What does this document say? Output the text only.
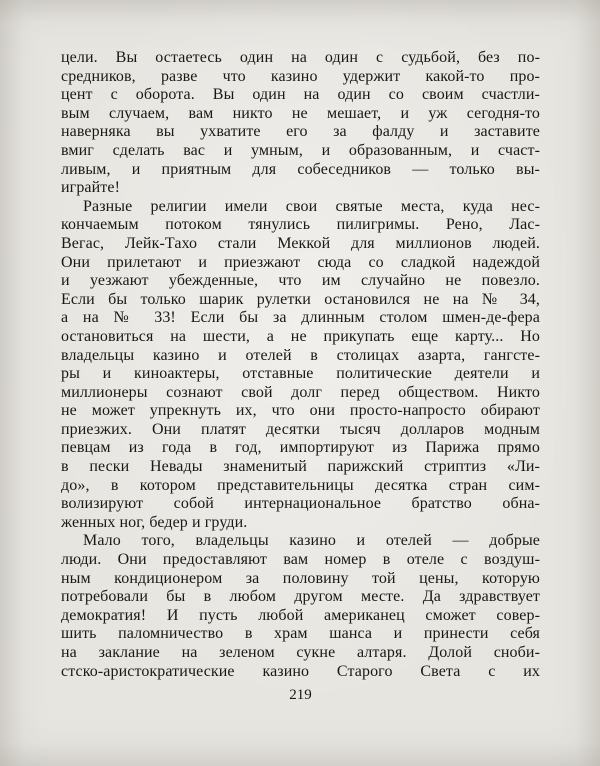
цели. Вы остаетесь один на один с судьбой, без по-
средников, разве что казино удержит какой-то про-
цент с оборота. Вы один на один со своим счастли-
вым случаем, вам никто не мешает, и уж сегодня-то
наверняка вы ухватите его за фалду и заставите
вмиг сделать вас и умным, и образованным, и счаст-
ливым, и приятным для собеседников — только вы-
играйте!
Разные религии имели свои святые места, куда нес-
кончаемым потоком тянулись пилигримы. Рено, Лас-
Вегас, Лейк-Тахо стали Меккой для миллионов людей.
Они прилетают и приезжают сюда со сладкой надеждой
и уезжают убежденные, что им случайно не повезло.
Если бы только шарик рулетки остановился не на № 34,
а на № 33! Если бы за длинным столом шмен-де-фера
остановиться на шести, а не прикупать еще карту... Но
владельцы казино и отелей в столицах азарта, гангсте-
ры и киноактеры, отставные политические деятели и
миллионеры сознают свой долг перед обществом. Никто
не может упрекнуть их, что они просто-напросто обирают
приезжих. Они платят десятки тысяч долларов модным
певцам из года в год, импортируют из Парижа прямо
в пески Невады знаменитый парижский стриптиз «Ли-
до», в котором представительницы десятка стран сим-
волизируют собой интернациональное братство обна-
женных ног, бедер и груди.
Мало того, владельцы казино и отелей — добрые
люди. Они предоставляют вам номер в отеле с воздуш-
ным кондиционером за половину той цены, которую
потребовали бы в любом другом месте. Да здравствует
демократия! И пусть любой американец сможет совер-
шить паломничество в храм шанса и принести себя
на заклание на зеленом сукне алтаря. Долой сноби-
стско-аристократические казино Старого Света с их
219
